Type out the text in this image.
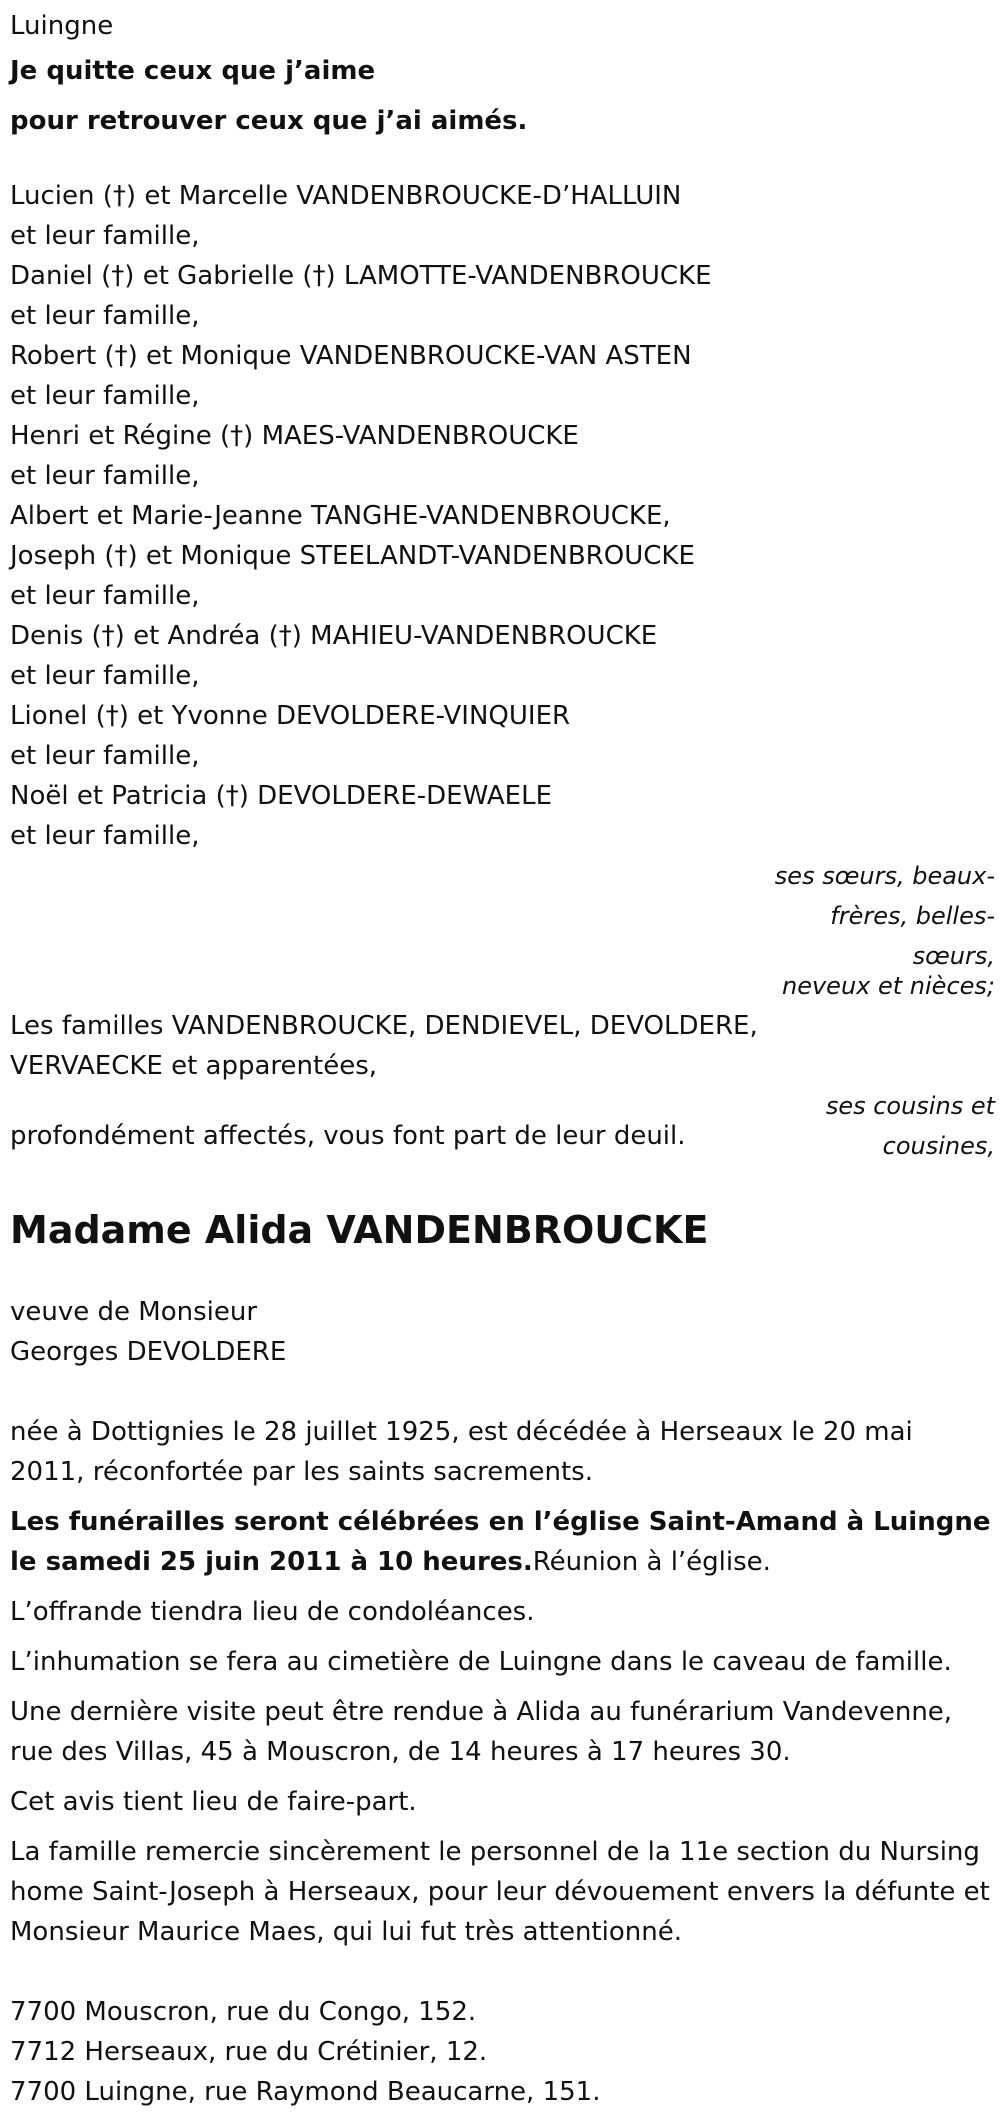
Luingne
Je quitte ceux que j’aime
pour retrouver ceux que j’ai aimés.
Lucien (†) et Marcelle VANDENBROUCKE-D’HALLUIN
et leur famille,
Daniel (†) et Gabrielle (†) LAMOTTE-VANDENBROUCKE
et leur famille,
Robert (†) et Monique VANDENBROUCKE-VAN ASTEN
et leur famille,
Henri et Régine (†) MAES-VANDENBROUCKE
et leur famille,
Albert et Marie-Jeanne TANGHE-VANDENBROUCKE,
Joseph (†) et Monique STEELANDT-VANDENBROUCKE
et leur famille,
Denis (†) et Andréa (†) MAHIEU-VANDENBROUCKE
et leur famille,
Lionel (†) et Yvonne DEVOLDERE-VINQUIER
et leur famille,
Noël et Patricia (†) DEVOLDERE-DEWAELE
et leur famille,
ses sœurs, beaux-
frères, belles-
sœurs,
neveux et nièces;
Les familles VANDENBROUCKE, DENDIEVEL, DEVOLDERE,
VERVAECKE et apparentées,
ses cousins et
cousines,
profondément affectés, vous font part de leur deuil.
Madame Alida VANDENBROUCKE
veuve de Monsieur
Georges DEVOLDERE

née à Dottignies le 28 juillet 1925, est décédée à Herseaux le 20 mai 2011, réconfortée par les saints sacrements.

Les funérailles seront célébrées en l’église Saint-Amand à Luingne le samedi 25 juin 2011 à 10 heures.Réunion à l’église.

L’offrande tiendra lieu de condoléances.

L’inhumation se fera au cimetière de Luingne dans le caveau de famille.

Une dernière visite peut être rendue à Alida au funérarium Vandevenne, rue des Villas, 45 à Mouscron, de 14 heures à 17 heures 30.

Cet avis tient lieu de faire-part.

La famille remercie sincèrement le personnel de la 11e section du Nursing home Saint-Joseph à Herseaux, pour leur dévouement envers la défunte et Monsieur Maurice Maes, qui lui fut très attentionné.

7700 Mouscron, rue du Congo, 152.
7712 Herseaux, rue du Crétinier, 12.
7700 Luingne, rue Raymond Beaucarne, 151.
